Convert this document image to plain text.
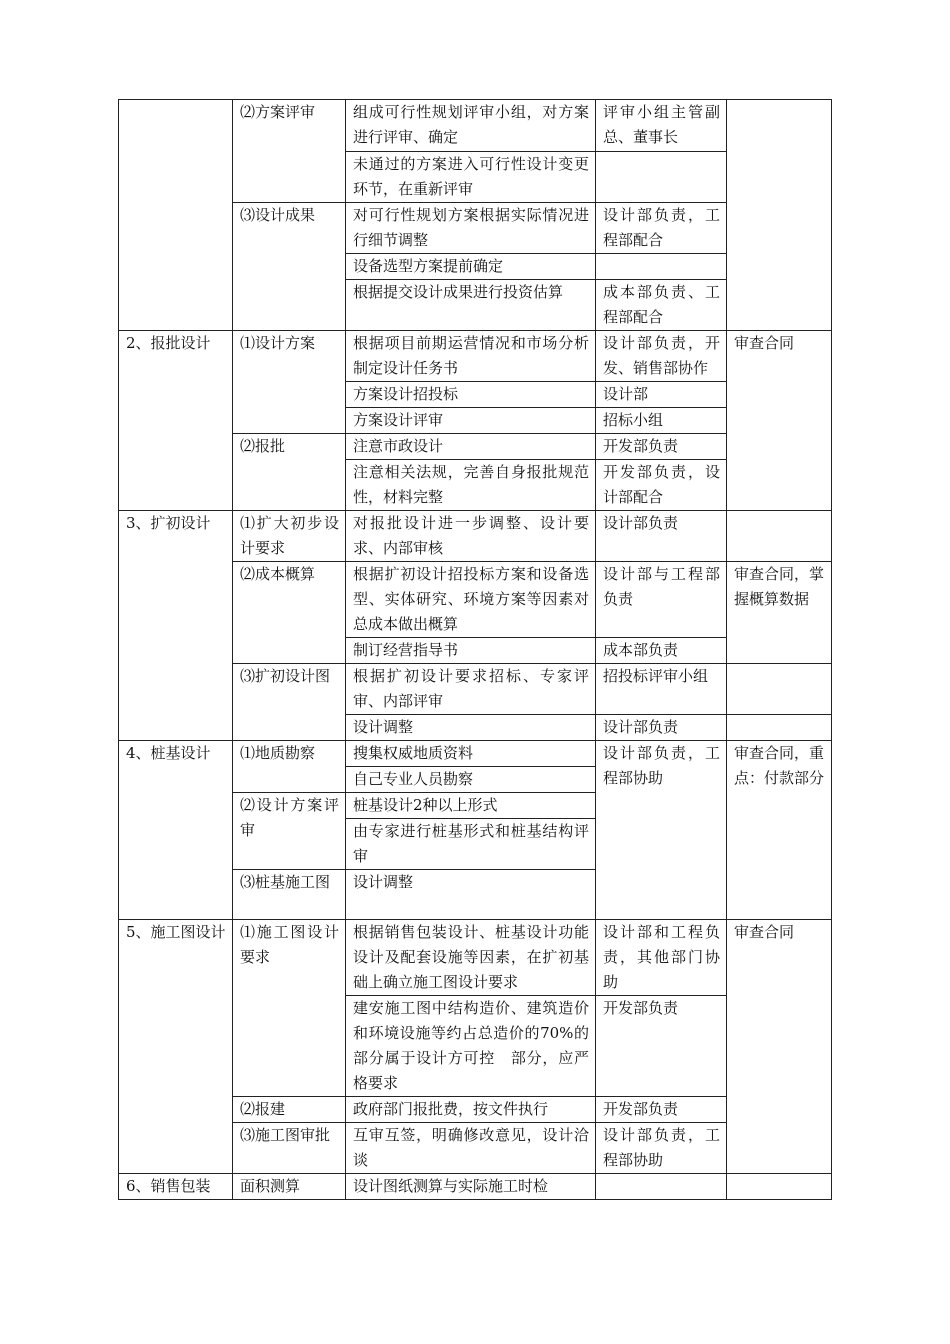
	⑵方案评审	组成可行性规划评审小组，对方案进行评审、确定	评审小组主管副总、董事长	
		未通过的方案进入可行性设计变更环节，在重新评审		
	⑶设计成果	对可行性规划方案根据实际情况进行细节调整	设计部负责，工程部配合	
		设备选型方案提前确定		
		根据提交设计成果进行投资估算	成本部负责、工程部配合	
2、报批设计	⑴设计方案	根据项目前期运营情况和市场分析制定设计任务书	设计部负责，开发、销售部协作	审查合同
		方案设计招投标	设计部	
		方案设计评审	招标小组	
	⑵报批	注意市政设计	开发部负责	
		注意相关法规，完善自身报批规范性，材料完整	开发部负责，设计部配合	
3、扩初设计	⑴扩大初步设计要求	对报批设计进一步调整、设计要求、内部审核	设计部负责	
	⑵成本概算	根据扩初设计招投标方案和设备选型、实体研究、环境方案等因素对总成本做出概算	设计部与工程部负责	审查合同，掌握概算数据
		制订经营指导书	成本部负责	
	⑶扩初设计图	根据扩初设计要求招标、专家评审、内部评审	招投标评审小组	
		设计调整	设计部负责	
4、桩基设计	⑴地质勘察	搜集权威地质资料	设计部负责，工程部协助	审查合同，重点：付款部分
		自己专业人员勘察		
	⑵设计方案评审	桩基设计2种以上形式		
		由专家进行桩基形式和桩基结构评审		
	⑶桩基施工图	设计调整		
5、施工图设计	⑴施工图设计要求	根据销售包装设计、桩基设计功能设计及配套设施等因素，在扩初基础上确立施工图设计要求	设计部和工程负责，其他部门协助	审查合同
		建安施工图中结构造价、建筑造价和环境设施等约占总造价的70%的部分属于设计方可控　部分，应严格要求	开发部负责	
	⑵报建	政府部门报批费，按文件执行	开发部负责	
	⑶施工图审批	互审互签，明确修改意见，设计洽谈	设计部负责，工程部协助	
6、销售包装	面积测算	设计图纸测算与实际施工时检		
